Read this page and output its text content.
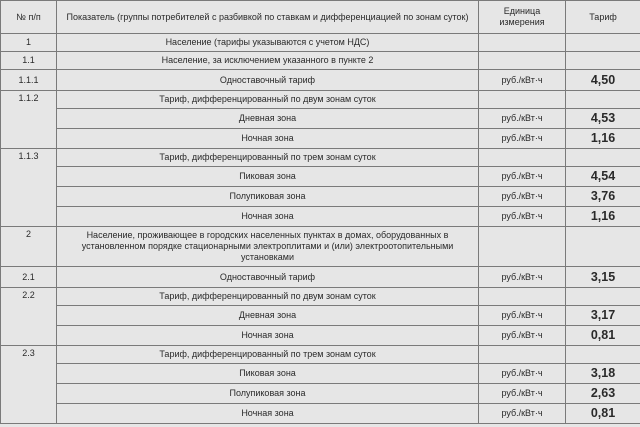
№ п/п	Показатель (группы потребителей с разбивкой по ставкам и дифференциацией по зонам суток)	Единица измерения	Тариф
1	Население (тарифы указываются с учетом НДС)		
1.1	Население, за исключением указанного в пункте 2		
1.1.1	Одноставочный тариф	руб./кВт·ч	4,50
1.1.2	Тариф, дифференцированный по двум зонам суток		
	Дневная зона	руб./кВт·ч	4,53
	Ночная зона	руб./кВт·ч	1,16
1.1.3	Тариф, дифференцированный по трем зонам суток		
	Пиковая зона	руб./кВт·ч	4,54
	Полупиковая зона	руб./кВт·ч	3,76
	Ночная зона	руб./кВт·ч	1,16
2	Население, проживающее в городских населенных пунктах в домах, оборудованных в установленном порядке стационарными электроплитами и (или) электроотопительными установками		
2.1	Одноставочный тариф	руб./кВт·ч	3,15
2.2	Тариф, дифференцированный по двум зонам суток		
	Дневная зона	руб./кВт·ч	3,17
	Ночная зона	руб./кВт·ч	0,81
2.3	Тариф, дифференцированный по трем зонам суток		
	Пиковая зона	руб./кВт·ч	3,18
	Полупиковая зона	руб./кВт·ч	2,63
	Ночная зона	руб./кВт·ч	0,81
